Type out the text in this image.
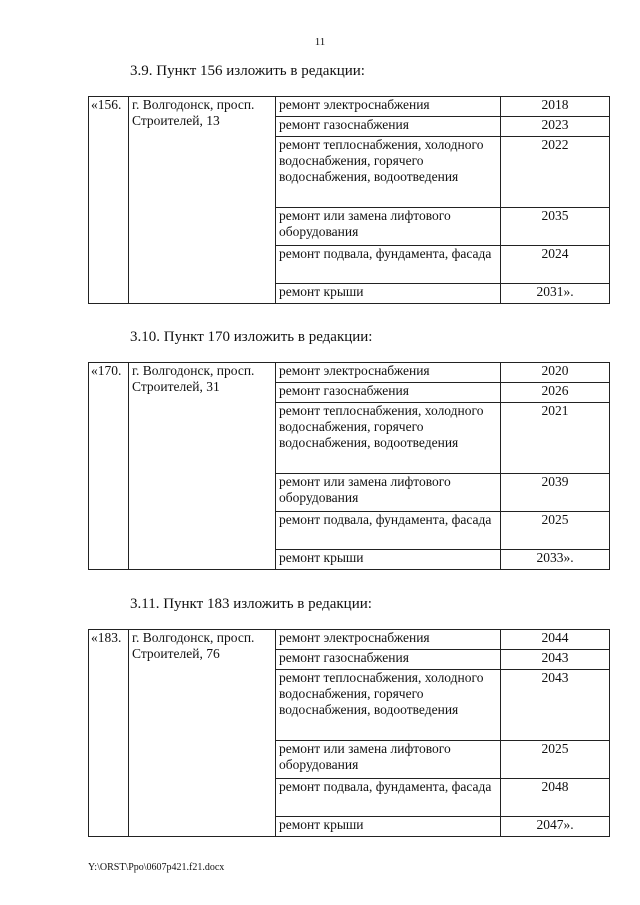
11
3.9. Пункт 156 изложить в редакции:
«156.	г. Волгодонск, просп. Строителей, 13	ремонт электроснабжения	2018
		ремонт газоснабжения	2023
		ремонт теплоснабжения, холодного водоснабжения, горячего водоснабжения, водоотведения	2022
		ремонт или замена лифтового оборудования	2035
		ремонт подвала, фундамента, фасада	2024
		ремонт крыши	2031».
3.10. Пункт 170 изложить в редакции:
«170.	г. Волгодонск, просп. Строителей, 31	ремонт электроснабжения	2020
		ремонт газоснабжения	2026
		ремонт теплоснабжения, холодного водоснабжения, горячего водоснабжения, водоотведения	2021
		ремонт или замена лифтового оборудования	2039
		ремонт подвала, фундамента, фасада	2025
		ремонт крыши	2033».
3.11. Пункт 183 изложить в редакции:
«183.	г. Волгодонск, просп. Строителей, 76	ремонт электроснабжения	2044
		ремонт газоснабжения	2043
		ремонт теплоснабжения, холодного водоснабжения, горячего водоснабжения, водоотведения	2043
		ремонт или замена лифтового оборудования	2025
		ремонт подвала, фундамента, фасада	2048
		ремонт крыши	2047».
Y:\ORST\Ppo\0607p421.f21.docx
